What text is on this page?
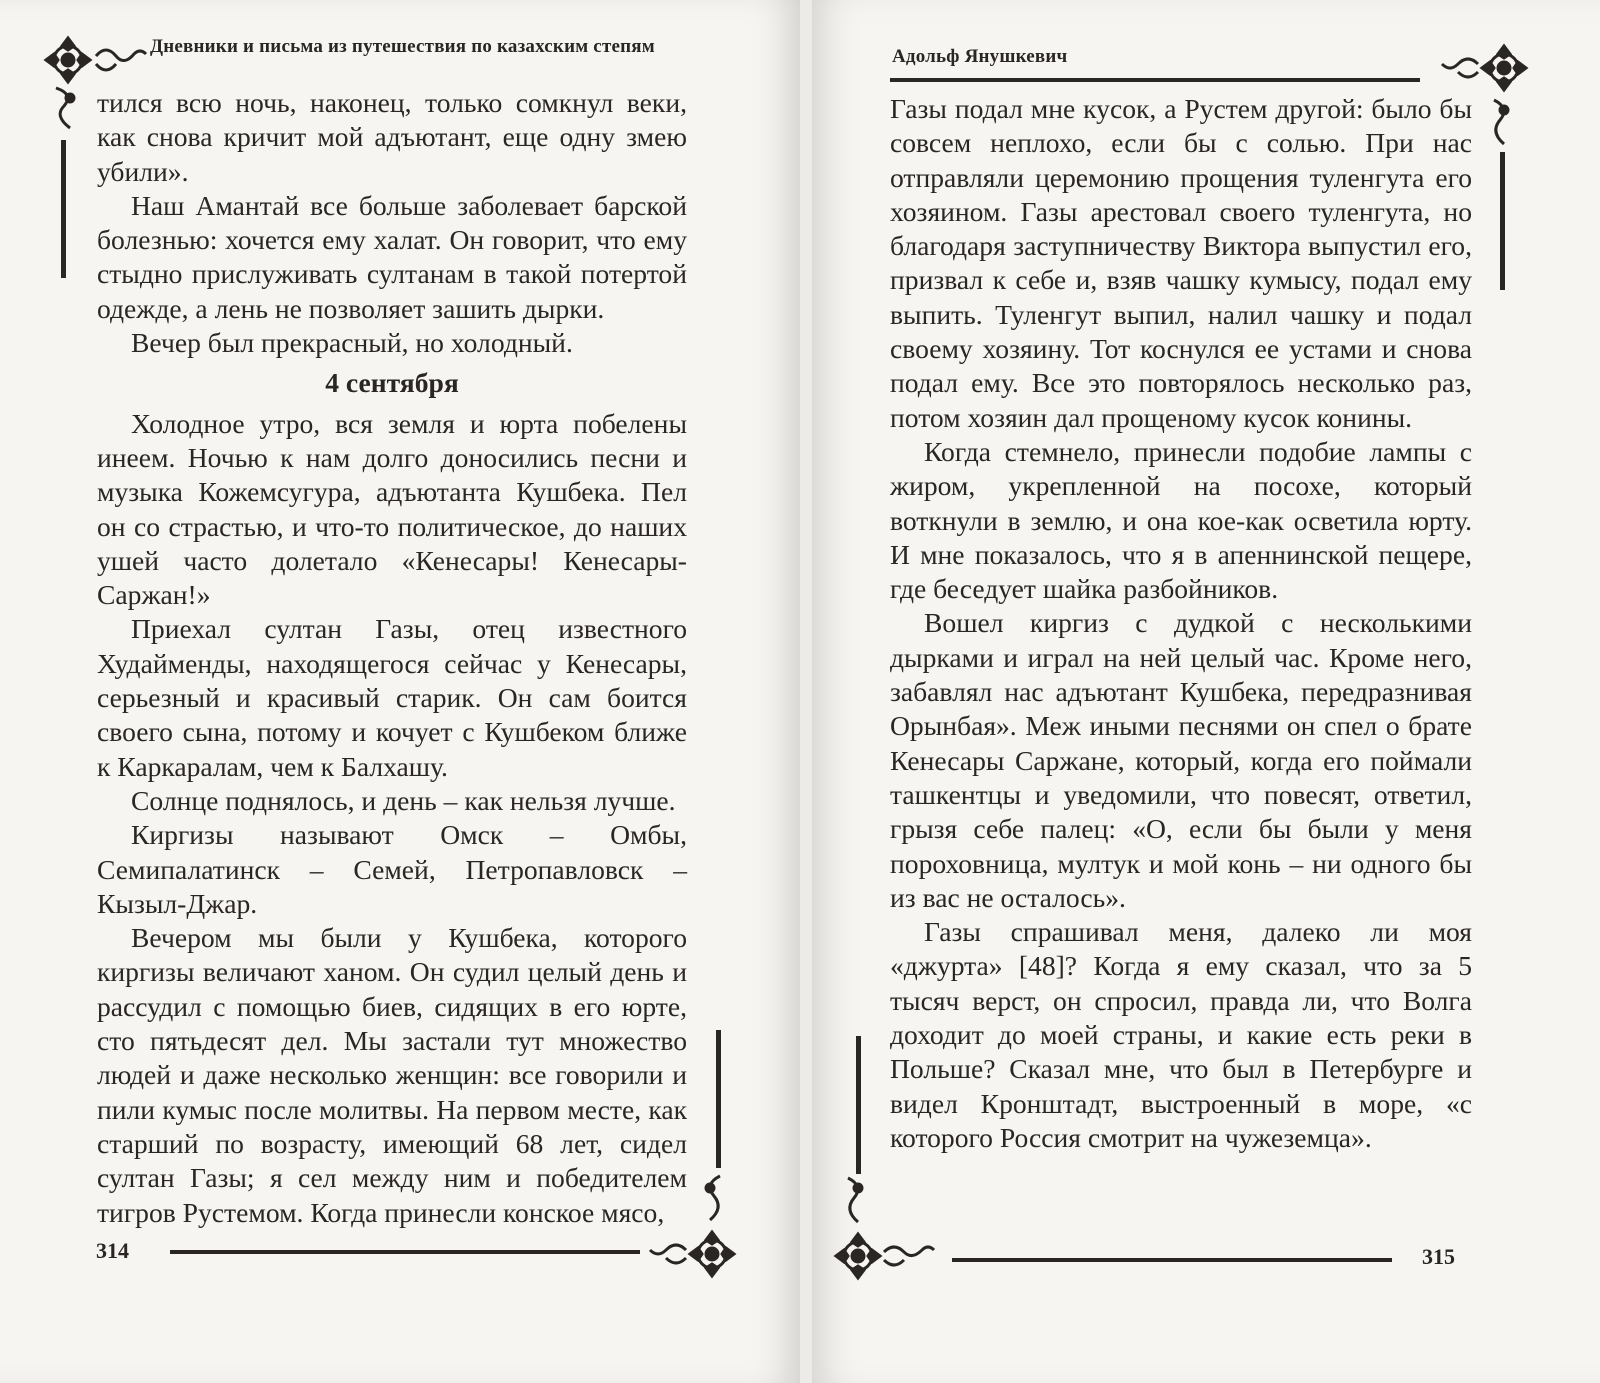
Дневники и письма из путешествия по казахским степям

тился всю ночь, наконец, только сомкнул веки, как снова кричит мой адъютант, еще одну змею убили».

Наш Амантай все больше заболевает барской болезнью: хочется ему халат. Он говорит, что ему стыдно прислуживать султанам в такой потертой одежде, а лень не позволяет зашить дырки.

Вечер был прекрасный, но холодный.

4 сентября

Холодное утро, вся земля и юрта побелены инеем. Ночью к нам долго доносились песни и музыка Кожемсугура, адъютанта Кушбека. Пел он со страстью, и что-то политическое, до наших ушей часто долетало «Кенесары! Кенесары-Саржан!»

Приехал султан Газы, отец известного Худайменды, находящегося сейчас у Кенесары, серьезный и красивый старик. Он сам боится своего сына, потому и кочует с Кушбеком ближе к Каркаралам, чем к Балхашу.

Солнце поднялось, и день – как нельзя лучше.

Киргизы называют Омск – Омбы, Семипалатинск – Семей, Петропавловск – Кызыл-Джар.

Вечером мы были у Кушбека, которого киргизы величают ханом. Он судил целый день и рассудил с помощью биев, сидящих в его юрте, сто пятьдесят дел. Мы застали тут множество людей и даже несколько женщин: все говорили и пили кумыс после молитвы. На первом месте, как старший по возрасту, имеющий 68 лет, сидел султан Газы; я сел между ним и победителем тигров Рустемом. Когда принесли конское мясо,

314
Адольф Янушкевич

Газы подал мне кусок, а Рустем другой: было бы совсем неплохо, если бы с солью. При нас отправляли церемонию прощения туленгута его хозяином. Газы арестовал своего туленгута, но благодаря заступничеству Виктора выпустил его, призвал к себе и, взяв чашку кумысу, подал ему выпить. Туленгут выпил, налил чашку и подал своему хозяину. Тот коснулся ее устами и снова подал ему. Все это повторялось несколько раз, потом хозяин дал прощеному кусок конины.

Когда стемнело, принесли подобие лампы с жиром, укрепленной на посохе, который воткнули в землю, и она кое-как осветила юрту. И мне показалось, что я в апеннинской пещере, где беседует шайка разбойников.

Вошел киргиз с дудкой с несколькими дырками и играл на ней целый час. Кроме него, забавлял нас адъютант Кушбека, передразнивая Орынбая». Меж иными песнями он спел о брате Кенесары Саржане, который, когда его поймали ташкентцы и уведомили, что повесят, ответил, грызя себе палец: «О, если бы были у меня пороховница, мултук и мой конь – ни одного бы из вас не осталось».

Газы спрашивал меня, далеко ли моя «джурта» [48]? Когда я ему сказал, что за 5 тысяч верст, он спросил, правда ли, что Волга доходит до моей страны, и какие есть реки в Польше? Сказал мне, что был в Петербурге и видел Кронштадт, выстроенный в море, «с которого Россия смотрит на чужеземца».

315
